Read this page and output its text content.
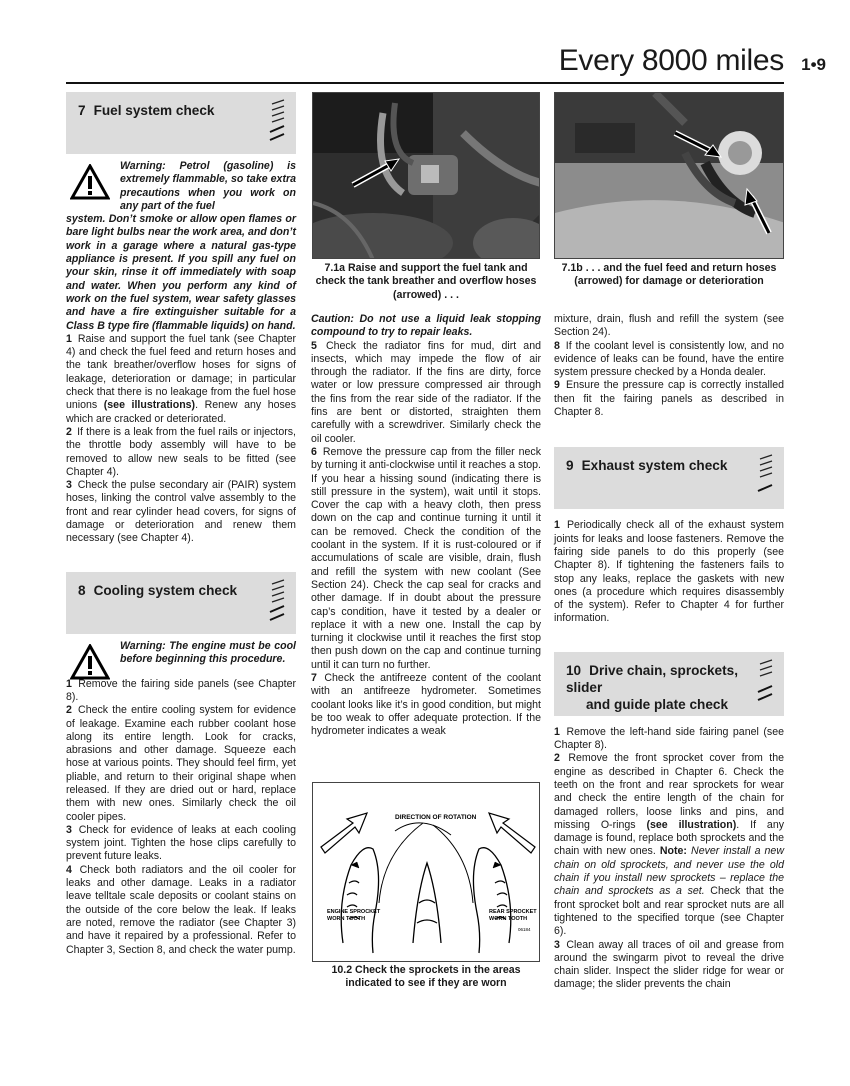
Every 8000 miles 1•9
7 Fuel system check

Warning: Petrol (gasoline) is extremely flammable, so take extra precautions when you work on any part of the fuel

system. Don’t smoke or allow open flames or bare light bulbs near the work area, and don’t work in a garage where a natural gas-type appliance is present. If you spill any fuel on your skin, rinse it off immediately with soap and water. When you perform any kind of work on the fuel system, wear safety glasses and have a fire extinguisher suitable for a Class B type fire (flammable liquids) on hand.

1 Raise and support the fuel tank (see Chapter 4) and check the fuel feed and return hoses and the tank breather/overflow hoses for signs of leakage, deterioration or damage; in particular check that there is no leakage from the fuel hose unions (see illustrations). Renew any hoses which are cracked or deteriorated.

2 If there is a leak from the fuel rails or injectors, the throttle body assembly will have to be removed to allow new seals to be fitted (see Chapter 4).

3 Check the pulse secondary air (PAIR) system hoses, linking the control valve assembly to the front and rear cylinder head covers, for signs of damage or deterioration and renew them necessary (see Chapter 4).

8 Cooling system check

Warning: The engine must be cool before beginning this procedure.

1 Remove the fairing side panels (see Chapter 8).

2 Check the entire cooling system for evidence of leakage. Examine each rubber coolant hose along its entire length. Look for cracks, abrasions and other damage. Squeeze each hose at various points. They should feel firm, yet pliable, and return to their original shape when released. If they are dried out or hard, replace them with new ones. Similarly check the oil cooler pipes.

3 Check for evidence of leaks at each cooling system joint. Tighten the hose clips carefully to prevent future leaks.

4 Check both radiators and the oil cooler for leaks and other damage. Leaks in a radiator leave telltale scale deposits or coolant stains on the outside of the core below the leak. If leaks are noted, remove the radiator (see Chapter 3) and have it repaired by a professional. Refer to Chapter 3, Section 8, and check the water pump.

7.1a Raise and support the fuel tank and check the tank breather and overflow hoses (arrowed) . . .
7.1b . . . and the fuel feed and return hoses (arrowed) for damage or deterioration

Caution: Do not use a liquid leak stopping compound to try to repair leaks.

5 Check the radiator fins for mud, dirt and insects, which may impede the flow of air through the radiator. If the fins are dirty, force water or low pressure compressed air through the fins from the rear side of the radiator. If the fins are bent or distorted, straighten them carefully with a screwdriver. Similarly check the oil cooler.

6 Remove the pressure cap from the filler neck by turning it anti-clockwise until it reaches a stop. If you hear a hissing sound (indicating there is still pressure in the system), wait until it stops. Cover the cap with a heavy cloth, then press down on the cap and continue turning it until it can be removed. Check the condition of the coolant in the system. If it is rust-coloured or if accumulations of scale are visible, drain, flush and refill the system with new coolant (See Section 24). Check the cap seal for cracks and other damage. If in doubt about the pressure cap’s condition, have it tested by a dealer or replace it with a new one. Install the cap by turning it clockwise until it reaches the first stop then push down on the cap and continue turning until it can turn no further.

7 Check the antifreeze content of the coolant with an antifreeze hydrometer. Sometimes coolant looks like it’s in good condition, but might be too weak to offer adequate protection. If the hydrometer indicates a weak

DIRECTION OF ROTATION
ENGINE SPROCKET
WORN TOOTH
REAR SPROCKET
WORN TOOTH
06184
10.2 Check the sprockets in the areas indicated to see if they are worn

mixture, drain, flush and refill the system (see Section 24).

8 If the coolant level is consistently low, and no evidence of leaks can be found, have the entire system pressure checked by a Honda dealer.

9 Ensure the pressure cap is correctly installed then fit the fairing panels as described in Chapter 8.

9 Exhaust system check

1 Periodically check all of the exhaust system joints for leaks and loose fasteners. Remove the fairing side panels to do this properly (see Chapter 8). If tightening the fasteners fails to stop any leaks, replace the gaskets with new ones (a procedure which requires disassembly of the system). Refer to Chapter 4 for further information.

10 Drive chain, sprockets, slider
and guide plate check

1 Remove the left-hand side fairing panel (see Chapter 8).

2 Remove the front sprocket cover from the engine as described in Chapter 6. Check the teeth on the front and rear sprockets for wear and check the entire length of the chain for damaged rollers, loose links and pins, and missing O-rings (see illustration). If any damage is found, replace both sprockets and the chain with new ones. Note: Never install a new chain on old sprockets, and never use the old chain if you install new sprockets – replace the chain and sprockets as a set. Check that the front sprocket bolt and rear sprocket nuts are all tightened to the specified torque (see Chapter 6).

3 Clean away all traces of oil and grease from around the swingarm pivot to reveal the drive chain slider. Inspect the slider ridge for wear or damage; the slider prevents the chain
